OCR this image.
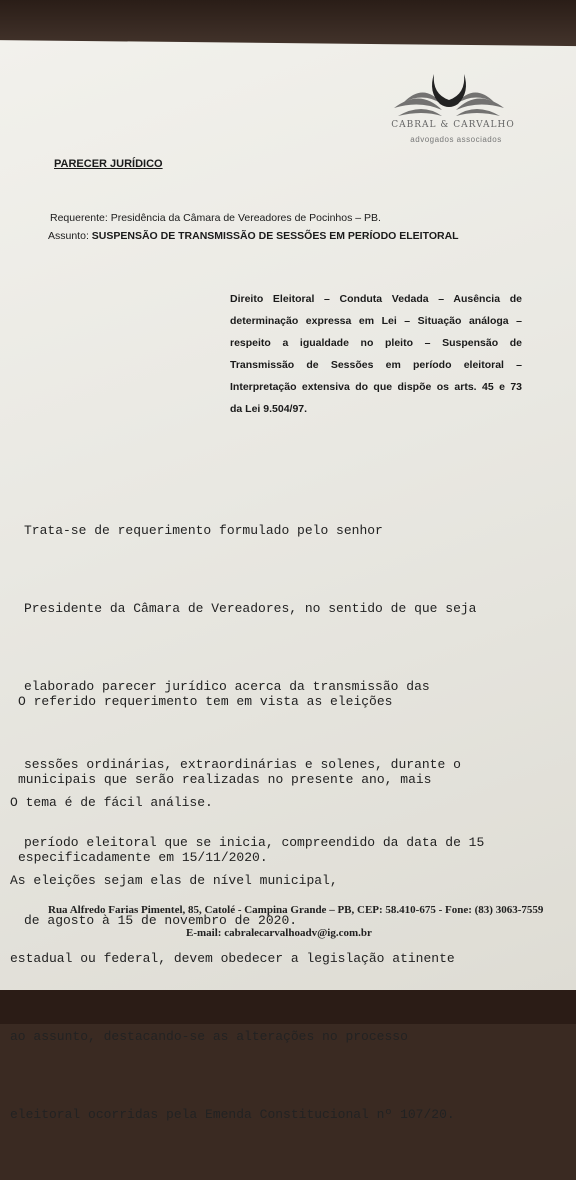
CABRAL & CARVALHO
advogados associados
PARECER JURÍDICO
Requerente: Presidência da Câmara de Vereadores de Pocinhos – PB.
Assunto: SUSPENSÃO DE TRANSMISSÃO DE SESSÕES EM PERÍODO ELEITORAL
Direito Eleitoral – Conduta Vedada – Ausência de
determinação expressa em Lei – Situação análoga –
respeito a igualdade no pleito – Suspensão de
Transmissão de Sessões em período eleitoral –
Interpretação extensiva do que dispõe os arts. 45 e 73
da Lei 9.504/97.

Trata-se de requerimento formulado pelo senhor

Presidente da Câmara de Vereadores, no sentido de que seja

elaborado parecer jurídico acerca da transmissão das

sessões ordinárias, extraordinárias e solenes, durante o

período eleitoral que se inicia, compreendido da data de 15

de agosto à 15 de novembro de 2020.

O referido requerimento tem em vista as eleições

municipais que serão realizadas no presente ano, mais

especificadamente em 15/11/2020.

O tema é de fácil análise.

As eleições sejam elas de nível municipal,

estadual ou federal, devem obedecer a legislação atinente

ao assunto, destacando-se as alterações no processo

eleitoral ocorridas pela Emenda Constitucional nº 107/20.

Rua Alfredo Farias Pimentel, 85, Catolé - Campina Grande – PB, CEP: 58.410-675 - Fone: (83) 3063-7559
E-mail: cabralecarvalhoadv@ig.com.br
